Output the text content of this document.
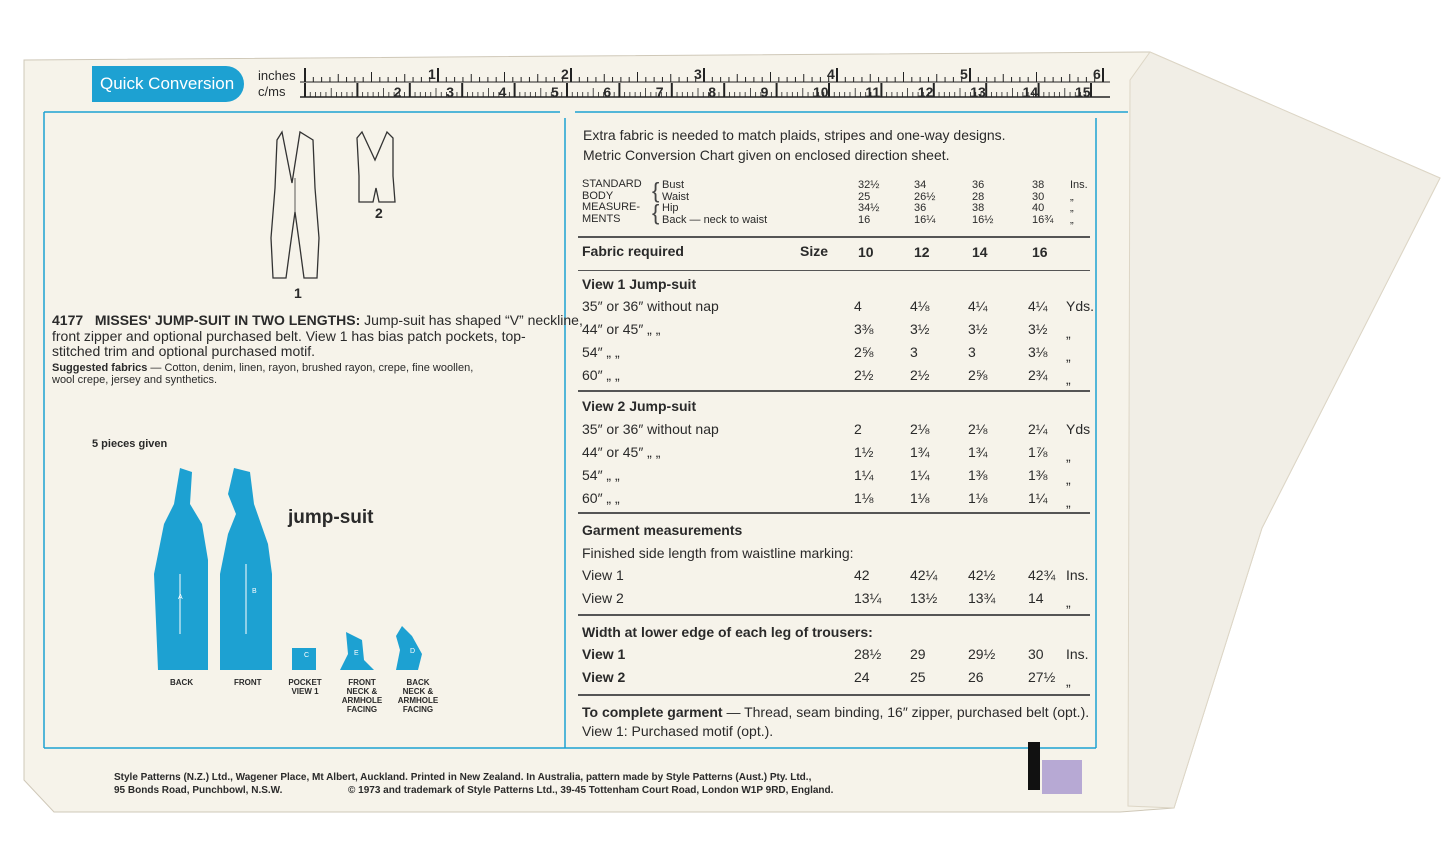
Quick Conversion	inches
c/ms
1	2	3	4	5	6
2	3	4	5	6	7	8	9	10	11	12	13	14	15
1
2
4177 MISSES' JUMP-SUIT IN TWO LENGTHS: Jump-suit has shaped “V” neckline,
front zipper and optional purchased belt. View 1 has bias patch pockets, top-
stitched trim and optional purchased motif.
Suggested fabrics — Cotton, denim, linen, rayon, brushed rayon, crepe, fine woollen,
wool crepe, jersey and synthetics.
5 pieces given
jump-suit
A
B
C	E	D
BACK	FRONT	POCKET VIEW 1
FRONT NECK & ARMHOLE FACING
BACK NECK & ARMHOLE FACING
Extra fabric is needed to match plaids, stripes and one-way designs.
Metric Conversion Chart given on enclosed direction sheet.
STANDARD
BODY
MEASURE-
MENTS
{
{
Bust	32½	34	36	38 Ins.
Waist	25	26½	28	30 „
Hip	34½	36	38	40 „
Back — neck to waist	16	16¼	16½	16¾ „
Fabric required	Size 10	12	14	16
View 1 Jump-suit
35″ or 36″ without nap	4	4⅛	4¼	4¼ Yds.
44″ or 45″ „ „	3⅜	3½	3½	3½ „
54″ „ „	2⅝	3	3	3⅛ „
60″ „ „	2½	2½	2⅝	2¾ „
View 2 Jump-suit
35″ or 36″ without nap	2	2⅛	2⅛	2¼ Yds
44″ or 45″ „ „	1½	1¾	1¾	1⅞ „
54″ „ „	1¼	1¼	1⅜	1⅜ „
60″ „ „	1⅛	1⅛	1⅛	1¼ „
Garment measurements
Finished side length from waistline marking:
View 1	42	42¼ 42½ 42¾ Ins.
View 2	13¼ 13½ 13¾ 14 „
Width at lower edge of each leg of trousers:
View 1	28½ 29	29½ 30 Ins.
View 2	24	25	26	27½ „
To complete garment — Thread, seam binding, 16″ zipper, purchased belt (opt.).
View 1: Purchased motif (opt.).
Style Patterns (N.Z.) Ltd., Wagener Place, Mt Albert, Auckland. Printed in New Zealand. In Australia, pattern made by Style Patterns (Aust.) Pty. Ltd.,
95 Bonds Road, Punchbowl, N.S.W.	© 1973 and trademark of Style Patterns Ltd., 39-45 Tottenham Court Road, London W1P 9RD, England.
